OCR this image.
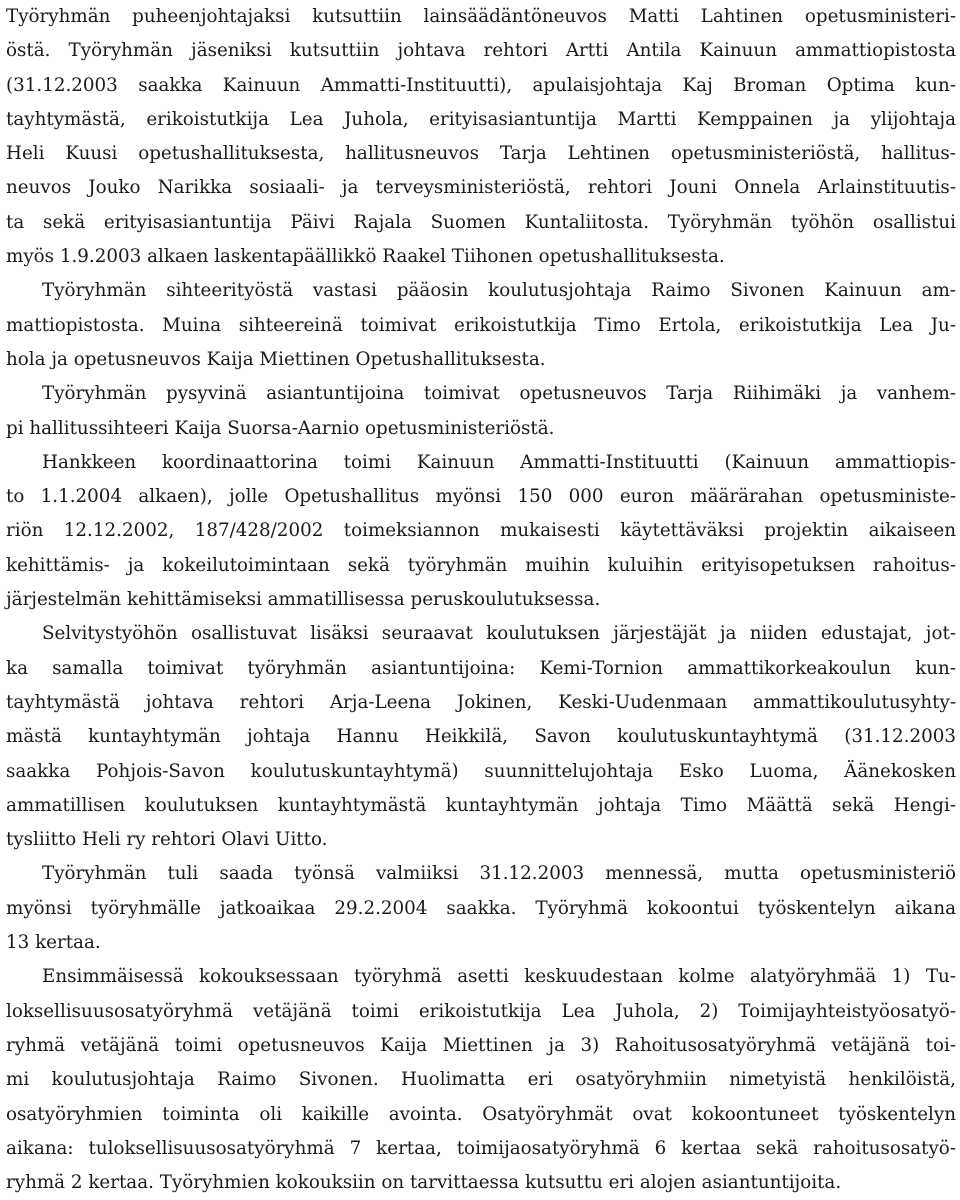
Työryhmän puheenjohtajaksi kutsuttiin lainsäädäntöneuvos Matti Lahtinen opetusministeri-
östä. Työryhmän jäseniksi kutsuttiin johtava rehtori Artti Antila Kainuun ammattiopistosta
(31.12.2003 saakka Kainuun Ammatti-Instituutti), apulaisjohtaja Kaj Broman Optima kun-
tayhtymästä, erikoistutkija Lea Juhola, erityisasiantuntija Martti Kemppainen ja ylijohtaja
Heli Kuusi opetushallituksesta, hallitusneuvos Tarja Lehtinen opetusministeriöstä, hallitus-
neuvos Jouko Narikka sosiaali- ja terveysministeriöstä, rehtori Jouni Onnela Arlainstituutis-
ta sekä erityisasiantuntija Päivi Rajala Suomen Kuntaliitosta. Työryhmän työhön osallistui
myös 1.9.2003 alkaen laskentapäällikkö Raakel Tiihonen opetushallituksesta.
Työryhmän sihteerityöstä vastasi pääosin koulutusjohtaja Raimo Sivonen Kainuun am-
mattiopistosta. Muina sihteereinä toimivat erikoistutkija Timo Ertola, erikoistutkija Lea Ju-
hola ja opetusneuvos Kaija Miettinen Opetushallituksesta.
Työryhmän pysyvinä asiantuntijoina toimivat opetusneuvos Tarja Riihimäki ja vanhem-
pi hallitussihteeri Kaija Suorsa-Aarnio opetusministeriöstä.
Hankkeen koordinaattorina toimi Kainuun Ammatti-Instituutti (Kainuun ammattiopis-
to 1.1.2004 alkaen), jolle Opetushallitus myönsi 150 000 euron määrärahan opetusministe-
riön 12.12.2002, 187/428/2002 toimeksiannon mukaisesti käytettäväksi projektin aikaiseen
kehittämis- ja kokeilutoimintaan sekä työryhmän muihin kuluihin erityisopetuksen rahoitus-
järjestelmän kehittämiseksi ammatillisessa peruskoulutuksessa.
Selvitystyöhön osallistuvat lisäksi seuraavat koulutuksen järjestäjät ja niiden edustajat, jot-
ka samalla toimivat työryhmän asiantuntijoina: Kemi-Tornion ammattikorkeakoulun kun-
tayhtymästä johtava rehtori Arja-Leena Jokinen, Keski-Uudenmaan ammattikoulutusyhty-
mästä kuntayhtymän johtaja Hannu Heikkilä, Savon koulutuskuntayhtymä (31.12.2003
saakka Pohjois-Savon koulutuskuntayhtymä) suunnittelujohtaja Esko Luoma, Äänekosken
ammatillisen koulutuksen kuntayhtymästä kuntayhtymän johtaja Timo Määttä sekä Hengi-
tysliitto Heli ry rehtori Olavi Uitto.
Työryhmän tuli saada työnsä valmiiksi 31.12.2003 mennessä, mutta opetusministeriö
myönsi työryhmälle jatkoaikaa 29.2.2004 saakka. Työryhmä kokoontui työskentelyn aikana
13 kertaa.
Ensimmäisessä kokouksessaan työryhmä asetti keskuudestaan kolme alatyöryhmää 1) Tu-
loksellisuusosatyöryhmä vetäjänä toimi erikoistutkija Lea Juhola, 2) Toimijayhteistyöosatyö-
ryhmä vetäjänä toimi opetusneuvos Kaija Miettinen ja 3) Rahoitusosatyöryhmä vetäjänä toi-
mi koulutusjohtaja Raimo Sivonen. Huolimatta eri osatyöryhmiin nimetyistä henkilöistä,
osatyöryhmien toiminta oli kaikille avointa. Osatyöryhmät ovat kokoontuneet työskentelyn
aikana: tuloksellisuusosatyöryhmä 7 kertaa, toimijaosatyöryhmä 6 kertaa sekä rahoitusosatyö-
ryhmä 2 kertaa. Työryhmien kokouksiin on tarvittaessa kutsuttu eri alojen asiantuntijoita.
